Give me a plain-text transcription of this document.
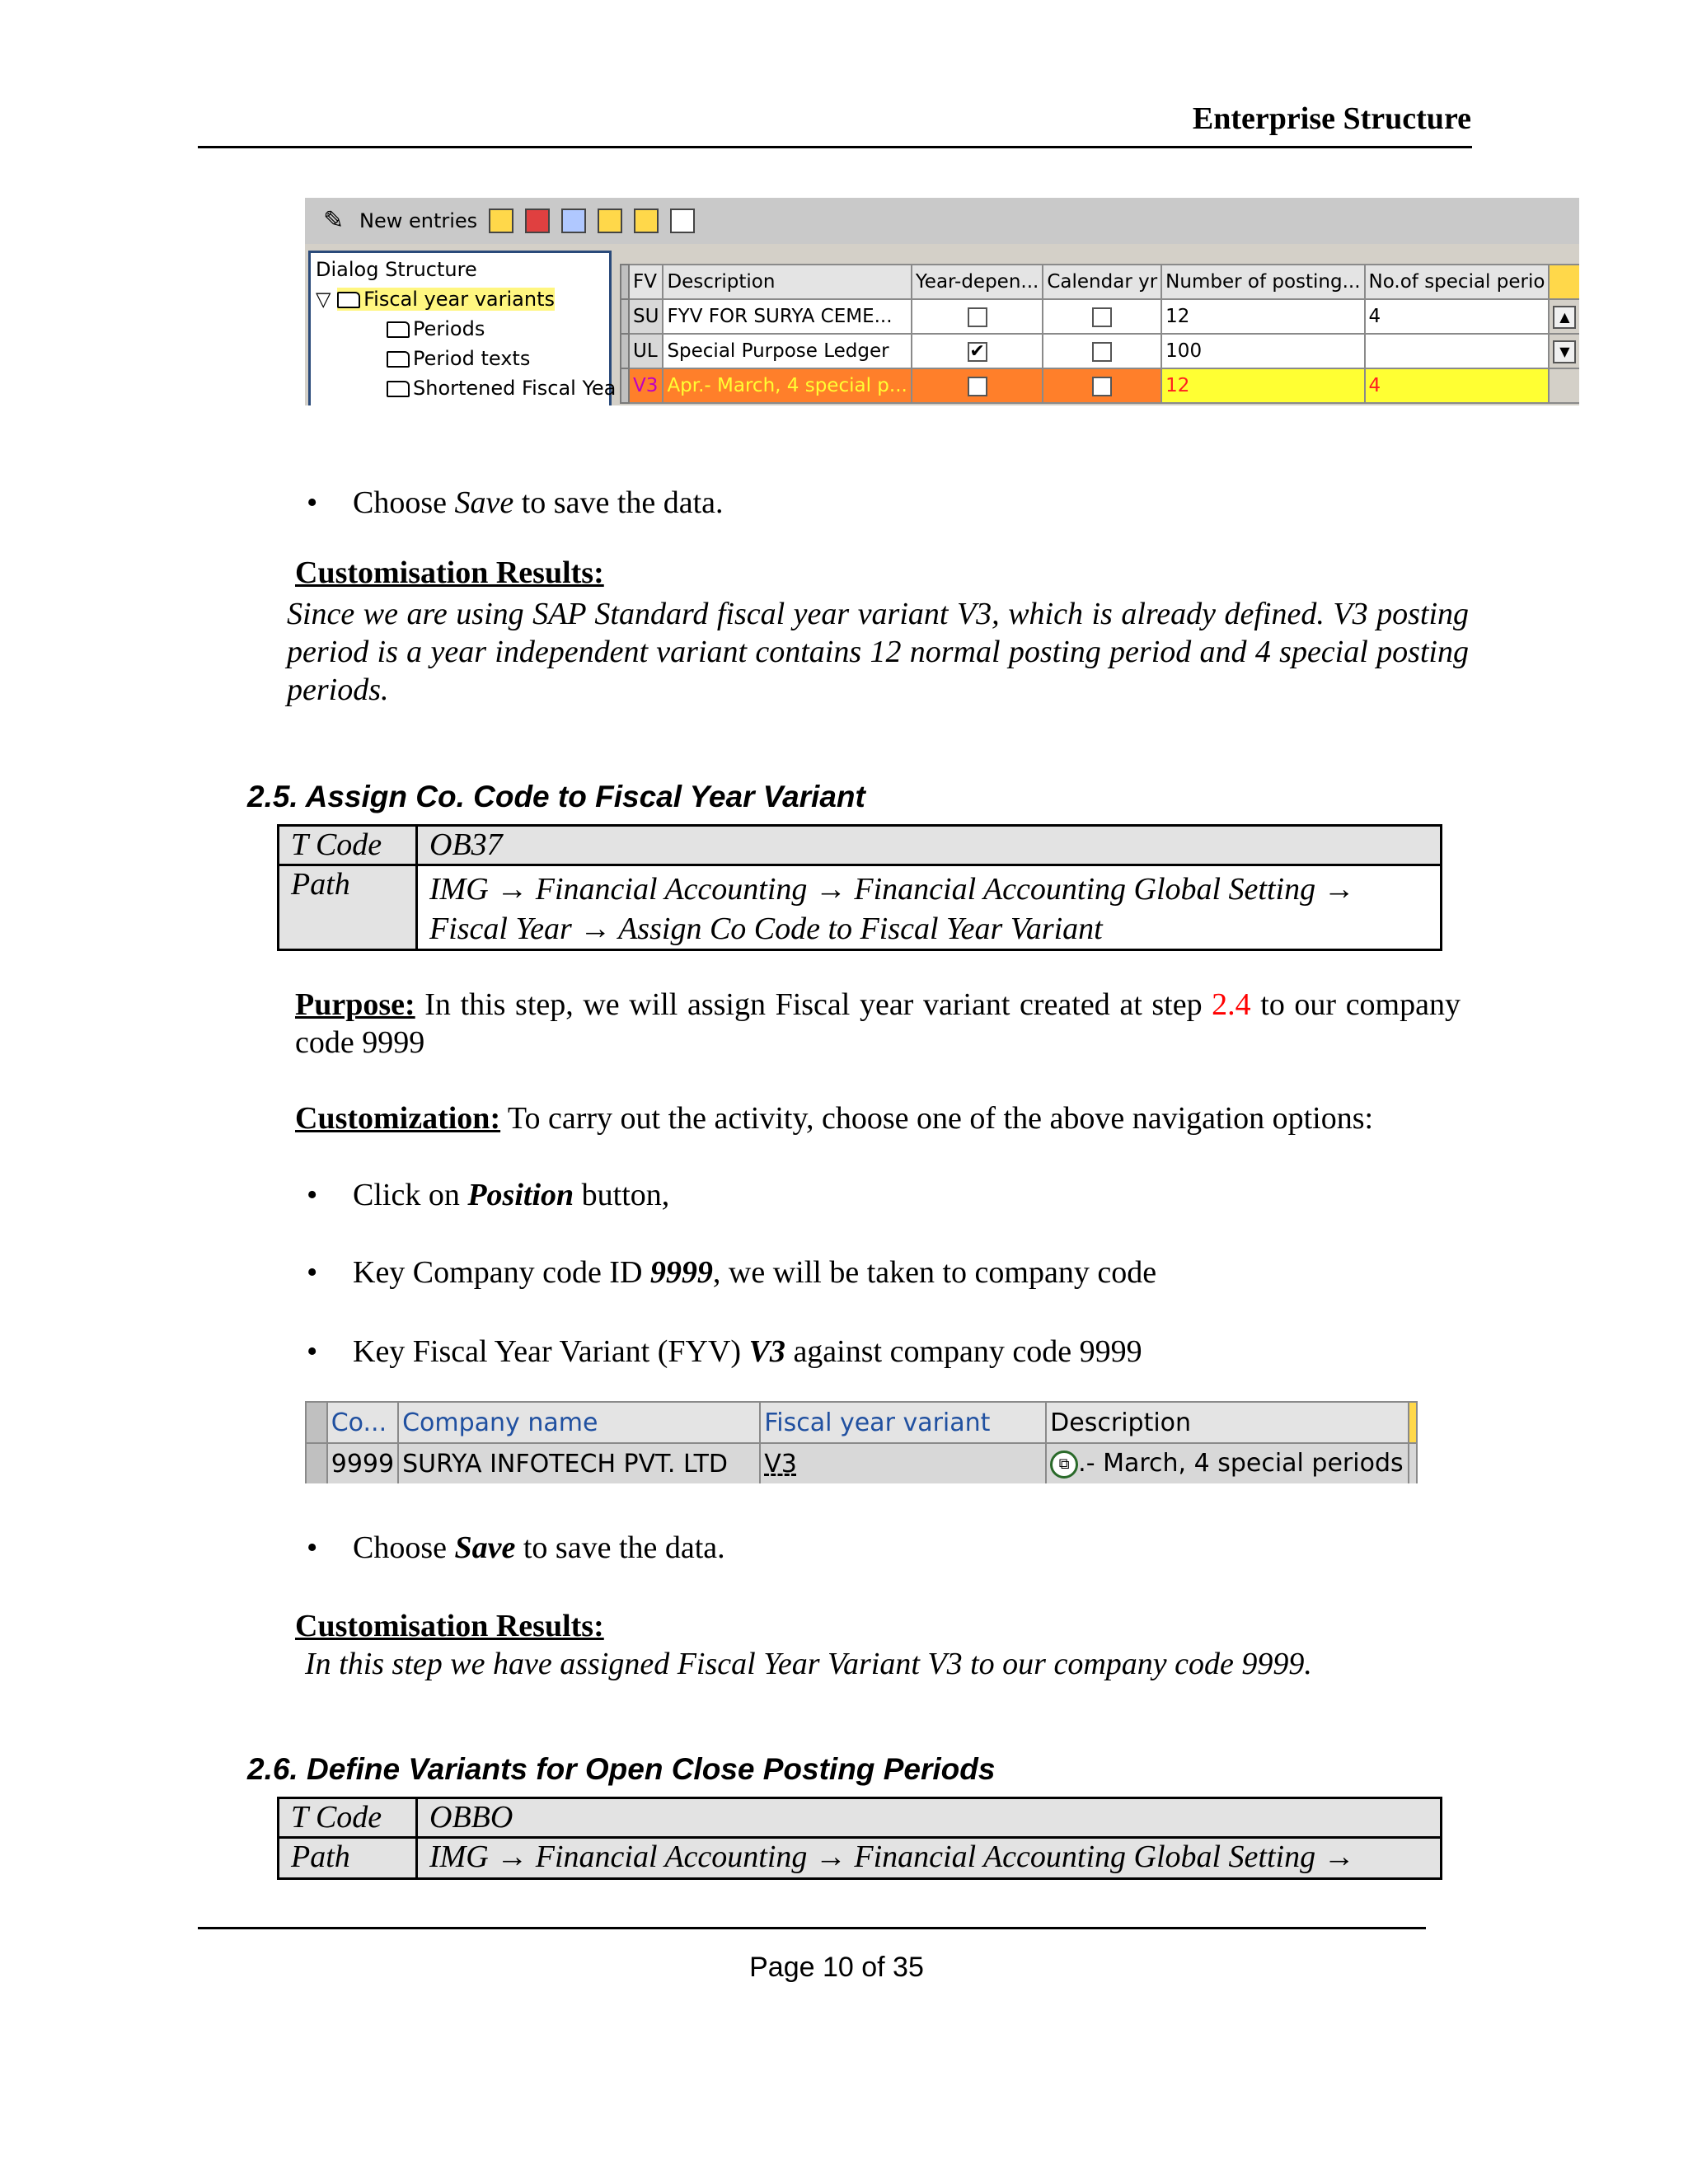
Enterprise Structure
✎ New entries
Dialog Structure
▽ Fiscal year variants
Periods
Period texts
Shortened Fiscal Yea
	FV	Description	Year-depen...	Calendar yr	Number of posting...	No.of special perio	
	SU	FYV FOR SURYA CEME...			12	4	▲
	UL	Special Purpose Ledger	✔		100		▼
	V3	Apr.- March, 4 special p...			12	4	
• Choose Save to save the data.
Customisation Results:
Since we are using SAP Standard fiscal year variant V3, which is already defined. V3 posting period is a year independent variant contains 12 normal posting period and 4 special posting periods.
2.5. Assign Co. Code to Fiscal Year Variant
T Code	OB37
Path	IMG → Financial Accounting → Financial Accounting Global Setting →
Fiscal Year → Assign Co Code to Fiscal Year Variant
Purpose: In this step, we will assign Fiscal year variant created at step 2.4 to our company code 9999
Customization: To carry out the activity, choose one of the above navigation options:
• Click on Position button,
• Key Company code ID 9999, we will be taken to company code
• Key Fiscal Year Variant (FYV) V3 against company code 9999
	Co...	Company name	Fiscal year variant	Description	
	9999	SURYA INFOTECH PVT. LTD	V3	⧉ .- March, 4 special periods	
• Choose Save to save the data.
Customisation Results:
In this step we have assigned Fiscal Year Variant V3 to our company code 9999.
2.6. Define Variants for Open Close Posting Periods
T Code	OBBO
Path	IMG → Financial Accounting → Financial Accounting Global Setting →
Page 10 of 35
